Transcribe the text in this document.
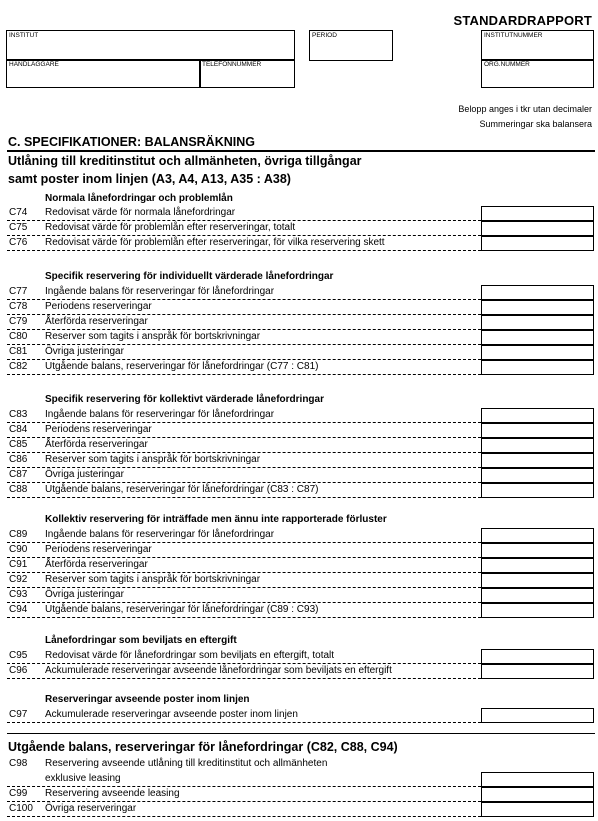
STANDARDRAPPORT
INSTITUT	PERIOD	INSTITUTNUMMER
HANDLÄGGARE	TELEFONNUMMER	ORG.NUMMER
Belopp anges i tkr utan decimaler
Summeringar ska balansera
C. SPECIFIKATIONER: BALANSRÄKNING
Utlåning till kreditinstitut och allmänheten, övriga tillgångar
samt poster inom linjen (A3, A4, A13, A35 : A38)
Normala lånefordringar och problemlån
C74 Redovisat värde för normala lånefordringar
C75 Redovisat värde för problemlån efter reserveringar, totalt
C76 Redovisat värde för problemlån efter reserveringar, för vilka reservering skett
Specifik reservering för individuellt värderade lånefordringar
C77 Ingående balans för reserveringar för lånefordringar
C78 Periodens reserveringar
C79 Återförda reserveringar
C80 Reserver som tagits i anspråk för bortskrivningar
C81 Övriga justeringar
C82 Utgående balans, reserveringar för lånefordringar (C77 : C81)
Specifik reservering för kollektivt värderade lånefordringar
C83 Ingående balans för reserveringar för lånefordringar
C84 Periodens reserveringar
C85 Återförda reserveringar
C86 Reserver som tagits i anspråk för bortskrivningar
C87 Övriga justeringar
C88 Utgående balans, reserveringar för lånefordringar (C83 : C87)
Kollektiv reservering för inträffade men ännu inte rapporterade förluster
C89 Ingående balans för reserveringar för lånefordringar
C90 Periodens reserveringar
C91 Återförda reserveringar
C92 Reserver som tagits i anspråk för bortskrivningar
C93 Övriga justeringar
C94 Utgående balans, reserveringar för lånefordringar (C89 : C93)
Lånefordringar som beviljats en eftergift
C95 Redovisat värde för lånefordringar som beviljats en eftergift, totalt
C96 Ackumulerade reserveringar avseende lånefordringar som beviljats en eftergift
Reserveringar avseende poster inom linjen
C97 Ackumulerade reserveringar avseende poster inom linjen
Utgående balans, reserveringar för lånefordringar (C82, C88, C94)
C98 Reservering avseende utlåning till kreditinstitut och allmänheten
exklusive leasing
C99 Reservering avseende leasing
C100 Övriga reserveringar
